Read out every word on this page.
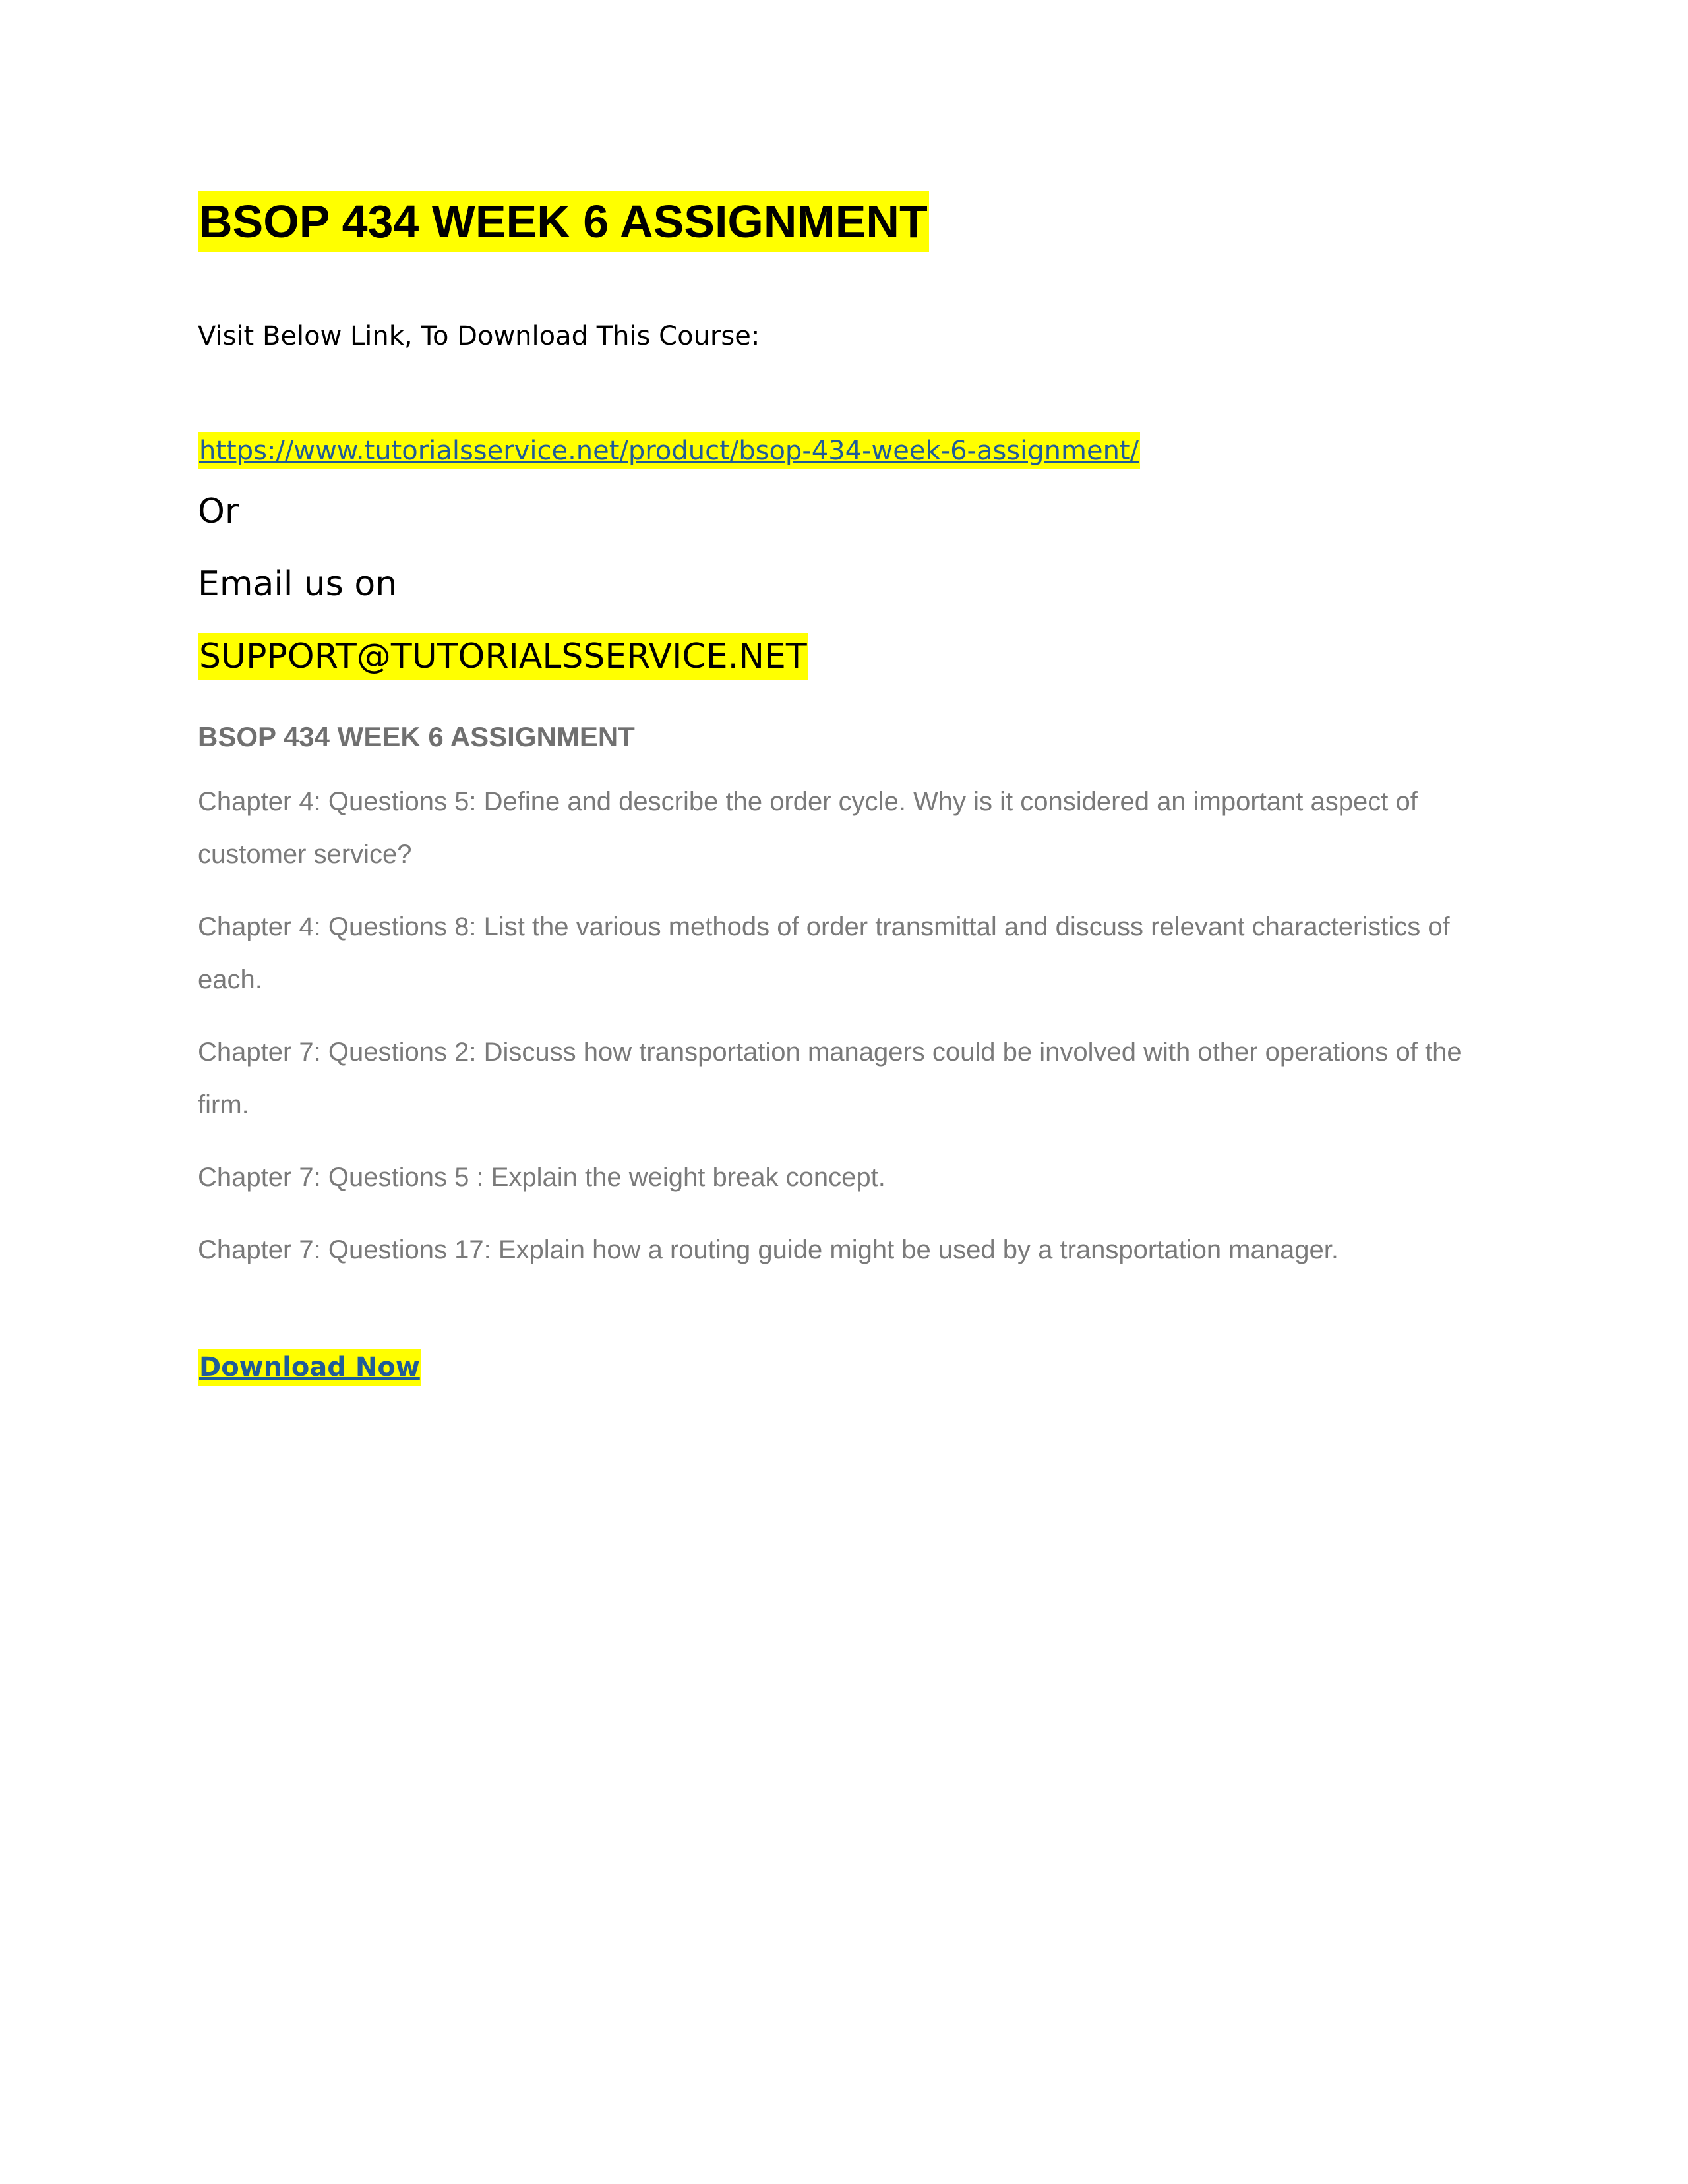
BSOP 434 WEEK 6 ASSIGNMENT
Visit Below Link, To Download This Course:
https://www.tutorialsservice.net/product/bsop-434-week-6-assignment/
Or
Email us on
SUPPORT@TUTORIALSSERVICE.NET
BSOP 434 WEEK 6 ASSIGNMENT
Chapter 4: Questions 5: Define and describe the order cycle. Why is it considered an important aspect of customer service?
Chapter 4: Questions 8: List the various methods of order transmittal and discuss relevant characteristics of each.
Chapter 7: Questions 2: Discuss how transportation managers could be involved with other operations of the firm.
Chapter 7: Questions 5 : Explain the weight break concept.
Chapter 7: Questions 17: Explain how a routing guide might be used by a transportation manager.
Download Now
